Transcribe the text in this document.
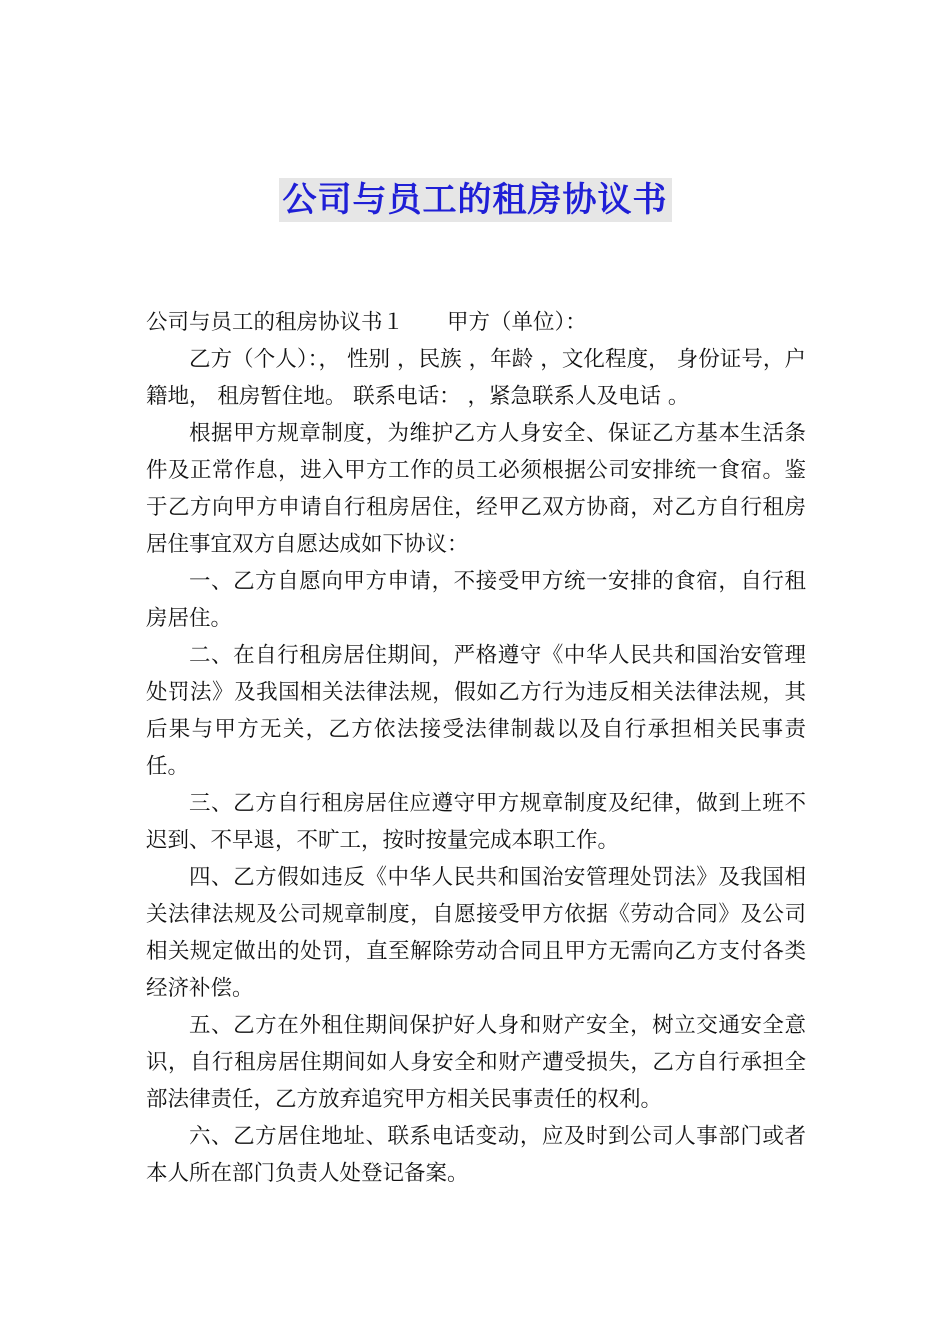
公司与员工的租房协议书

公司与员工的租房协议书１　　甲方（单位）：

乙方（个人）：， 性别 ，民族 ，年龄 ，文化程度， 身份证号，户籍地， 租房暂住地。 联系电话： ，紧急联系人及电话 。

根据甲方规章制度，为维护乙方人身安全、保证乙方基本生活条件及正常作息，进入甲方工作的员工必须根据公司安排统一食宿。鉴于乙方向甲方申请自行租房居住，经甲乙双方协商，对乙方自行租房居住事宜双方自愿达成如下协议：

一、乙方自愿向甲方申请，不接受甲方统一安排的食宿，自行租房居住。

二、在自行租房居住期间，严格遵守《中华人民共和国治安管理处罚法》及我国相关法律法规，假如乙方行为违反相关法律法规，其后果与甲方无关，乙方依法接受法律制裁以及自行承担相关民事责任。

三、乙方自行租房居住应遵守甲方规章制度及纪律，做到上班不迟到、不早退，不旷工，按时按量完成本职工作。

四、乙方假如违反《中华人民共和国治安管理处罚法》及我国相关法律法规及公司规章制度，自愿接受甲方依据《劳动合同》及公司相关规定做出的处罚，直至解除劳动合同且甲方无需向乙方支付各类经济补偿。

五、乙方在外租住期间保护好人身和财产安全，树立交通安全意识，自行租房居住期间如人身安全和财产遭受损失，乙方自行承担全部法律责任，乙方放弃追究甲方相关民事责任的权利。

六、乙方居住地址、联系电话变动，应及时到公司人事部门或者本人所在部门负责人处登记备案。
